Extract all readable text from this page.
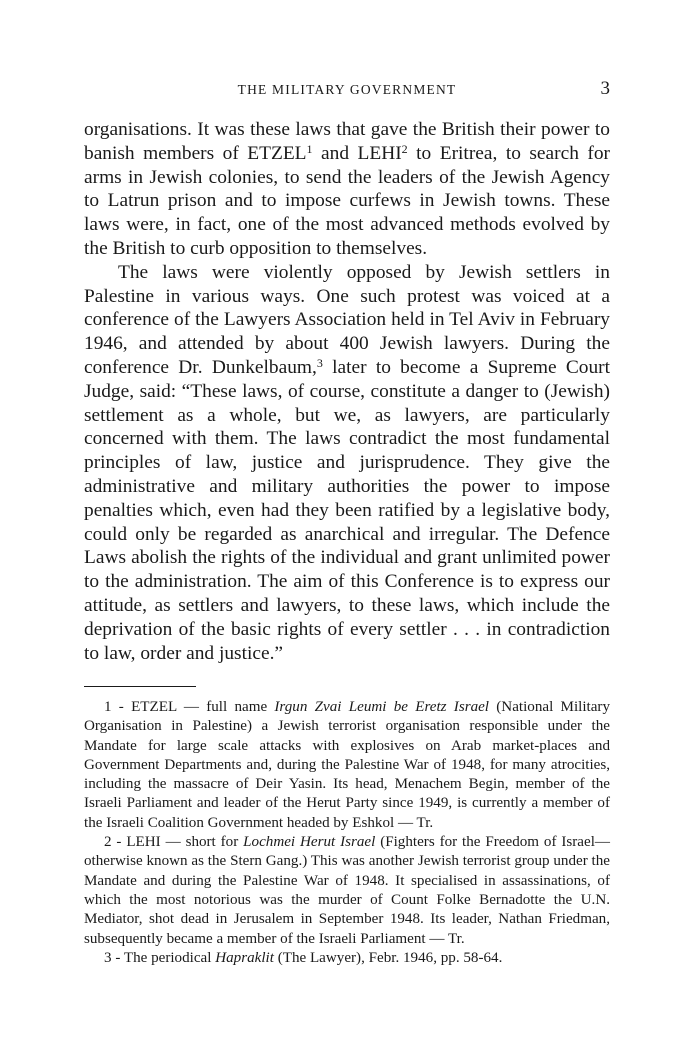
THE MILITARY GOVERNMENT	3

organisations. It was these laws that gave the British their power to banish members of ETZEL$^1$ and LEHI$^2$ to Eritrea, to search for arms in Jewish colonies, to send the leaders of the Jewish Agency to Latrun prison and to impose curfews in Jewish towns. These laws were, in fact, one of the most advanced methods evolved by the British to curb opposition to themselves.

The laws were violently opposed by Jewish settlers in Palestine in various ways. One such protest was voiced at a conference of the Lawyers Association held in Tel Aviv in February 1946, and attended by about 400 Jewish lawyers. During the conference Dr. Dunkelbaum,$^3$ later to become a Supreme Court Judge, said: “These laws, of course, constitute a danger to (Jewish) settlement as a whole, but we, as lawyers, are particularly concerned with them. The laws contradict the most fundamental principles of law, justice and jurisprudence. They give the administrative and military authorities the power to impose penalties which, even had they been ratified by a legislative body, could only be regarded as anarchical and irregular. The Defence Laws abolish the rights of the individual and grant unlimited power to the administration. The aim of this Conference is to express our attitude, as settlers and lawyers, to these laws, which include the deprivation of the basic rights of every settler . . . in contradiction to law, order and justice.”

1 - ETZEL — full name Irgun Zvai Leumi be Eretz Israel (National Military Organisation in Palestine) a Jewish terrorist organisation responsible under the Mandate for large scale attacks with explosives on Arab market-places and Government Departments and, during the Palestine War of 1948, for many atrocities, including the massacre of Deir Yasin. Its head, Menachem Begin, member of the Israeli Parliament and leader of the Herut Party since 1949, is currently a member of the Israeli Coalition Government headed by Eshkol — Tr.

2 - LEHI — short for Lochmei Herut Israel (Fighters for the Freedom of Israel—otherwise known as the Stern Gang.) This was another Jewish terrorist group under the Mandate and during the Palestine War of 1948. It specialised in assassinations, of which the most notorious was the murder of Count Folke Bernadotte the U.N. Mediator, shot dead in Jerusalem in September 1948. Its leader, Nathan Friedman, subsequently became a member of the Israeli Parliament — Tr.

3 - The periodical Hapraklit (The Lawyer), Febr. 1946, pp. 58-64.
